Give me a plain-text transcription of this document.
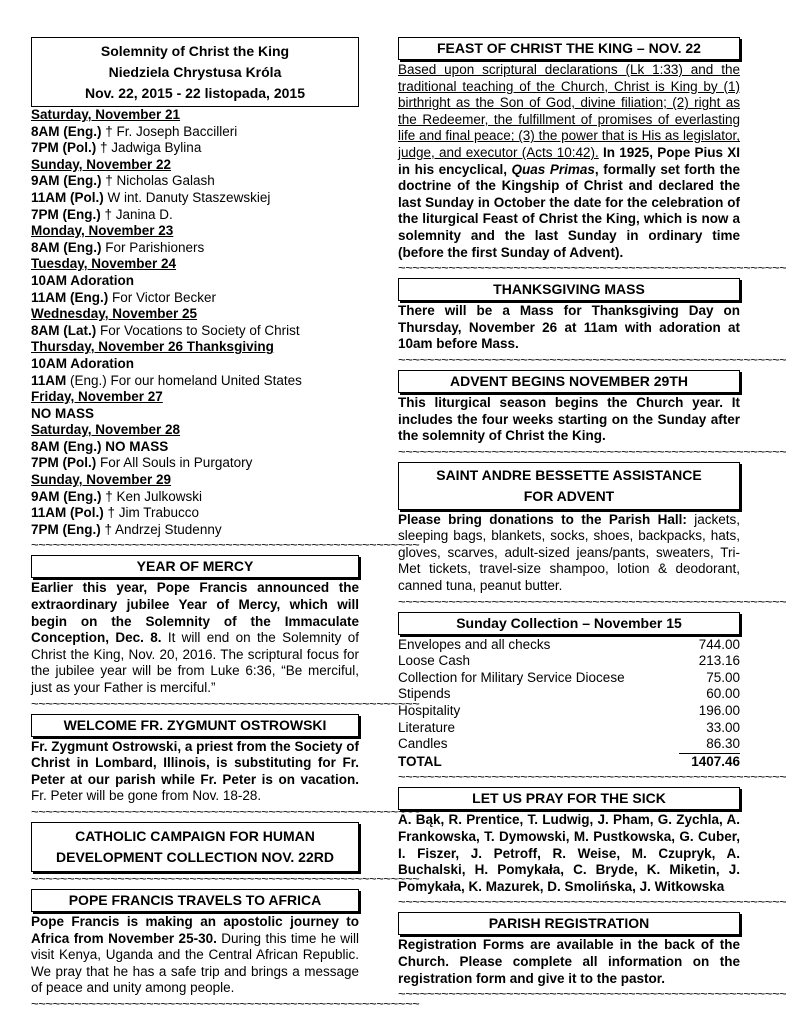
Solemnity of Christ the King
Niedziela Chrystusa Króla
Nov. 22, 2015 - 22 listopada, 2015
Saturday, November 21
8AM (Eng.) † Fr. Joseph Baccilleri
7PM (Pol.) † Jadwiga Bylina
Sunday, November 22
9AM (Eng.) † Nicholas Galash
11AM (Pol.) W int. Danuty Staszewskiej
7PM (Eng.) † Janina D.
Monday, November 23
8AM (Eng.) For Parishioners
Tuesday, November 24
10AM Adoration
11AM (Eng.) For Victor Becker
Wednesday, November 25
8AM (Lat.) For Vocations to Society of Christ
Thursday, November 26 Thanksgiving
10AM Adoration
11AM (Eng.) For our homeland United States
Friday, November 27
NO MASS
Saturday, November 28
8AM (Eng.) NO MASS
7PM (Pol.) For All Souls in Purgatory
Sunday, November 29
9AM (Eng.) † Ken Julkowski
11AM (Pol.) † Jim Trabucco
7PM (Eng.) † Andrzej Studenny
~~~~~~~~~~~~~~~~~~~~~~~~~~~~~~~~~~~~~~~~~~~~~~~~~~~~~~
YEAR OF MERCY

Earlier this year, Pope Francis announced the extraordinary jubilee Year of Mercy, which will begin on the Solemnity of the Immaculate Conception, Dec. 8. It will end on the Solemnity of Christ the King, Nov. 20, 2016. The scriptural focus for the jubilee year will be from Luke 6:36, “Be merciful, just as your Father is merciful.”

~~~~~~~~~~~~~~~~~~~~~~~~~~~~~~~~~~~~~~~~~~~~~~~~~~~~~~
WELCOME FR. ZYGMUNT OSTROWSKI

Fr. Zygmunt Ostrowski, a priest from the Society of Christ in Lombard, Illinois, is substituting for Fr. Peter at our parish while Fr. Peter is on vacation. Fr. Peter will be gone from Nov. 18-28.

~~~~~~~~~~~~~~~~~~~~~~~~~~~~~~~~~~~~~~~~~~~~~~~~~~~~~~
CATHOLIC CAMPAIGN FOR HUMAN
DEVELOPMENT COLLECTION NOV. 22RD
~~~~~~~~~~~~~~~~~~~~~~~~~~~~~~~~~~~~~~~~~~~~~~~~~~~~~~
POPE FRANCIS TRAVELS TO AFRICA

Pope Francis is making an apostolic journey to Africa from November 25-30. During this time he will visit Kenya, Uganda and the Central African Republic. We pray that he has a safe trip and brings a message of peace and unity among people.

~~~~~~~~~~~~~~~~~~~~~~~~~~~~~~~~~~~~~~~~~~~~~~~~~~~~~~
FEAST OF CHRIST THE KING – NOV. 22

Based upon scriptural declarations (Lk 1:33) and the traditional teaching of the Church, Christ is King by (1) birthright as the Son of God, divine filiation; (2) right as the Redeemer, the fulfillment of promises of everlasting life and final peace; (3) the power that is His as legislator, judge, and executor (Acts 10:42). In 1925, Pope Pius XI in his encyclical, Quas Primas, formally set forth the doctrine of the Kingship of Christ and declared the last Sunday in October the date for the celebration of the liturgical Feast of Christ the King, which is now a solemnity and the last Sunday in ordinary time (before the first Sunday of Advent).

~~~~~~~~~~~~~~~~~~~~~~~~~~~~~~~~~~~~~~~~~~~~~~~~~~~~~~
THANKSGIVING MASS

There will be a Mass for Thanksgiving Day on Thursday, November 26 at 11am with adoration at 10am before Mass.

~~~~~~~~~~~~~~~~~~~~~~~~~~~~~~~~~~~~~~~~~~~~~~~~~~~~~~
ADVENT BEGINS NOVEMBER 29TH

This liturgical season begins the Church year. It includes the four weeks starting on the Sunday after the solemnity of Christ the King.

~~~~~~~~~~~~~~~~~~~~~~~~~~~~~~~~~~~~~~~~~~~~~~~~~~~~~~
SAINT ANDRE BESSETTE ASSISTANCE
FOR ADVENT

Please bring donations to the Parish Hall: jackets, sleeping bags, blankets, socks, shoes, backpacks, hats, gloves, scarves, adult-sized jeans/pants, sweaters, Tri-Met tickets, travel-size shampoo, lotion & deodorant, canned tuna, peanut butter.

~~~~~~~~~~~~~~~~~~~~~~~~~~~~~~~~~~~~~~~~~~~~~~~~~~~~~~
Sunday Collection – November 15
Envelopes and all checks	744.00
Loose Cash	213.16
Collection for Military Service Diocese	75.00
Stipends	60.00
Hospitality	196.00
Literature	33.00
Candles	86.30
TOTAL	1407.46
~~~~~~~~~~~~~~~~~~~~~~~~~~~~~~~~~~~~~~~~~~~~~~~~~~~~~~
LET US PRAY FOR THE SICK

A. Bąk, R. Prentice, T. Ludwig, J. Pham, G. Zychla, A. Frankowska, T. Dymowski, M. Pustkowska, G. Cuber, I. Fiszer, J. Petroff, R. Weise, M. Czupryk, A. Buchalski, H. Pomykała, C. Bryde, K. Miketin, J. Pomykała, K. Mazurek, D. Smolińska, J. Witkowska

~~~~~~~~~~~~~~~~~~~~~~~~~~~~~~~~~~~~~~~~~~~~~~~~~~~~~~
PARISH REGISTRATION

Registration Forms are available in the back of the Church. Please complete all information on the registration form and give it to the pastor.

~~~~~~~~~~~~~~~~~~~~~~~~~~~~~~~~~~~~~~~~~~~~~~~~~~~~~~
